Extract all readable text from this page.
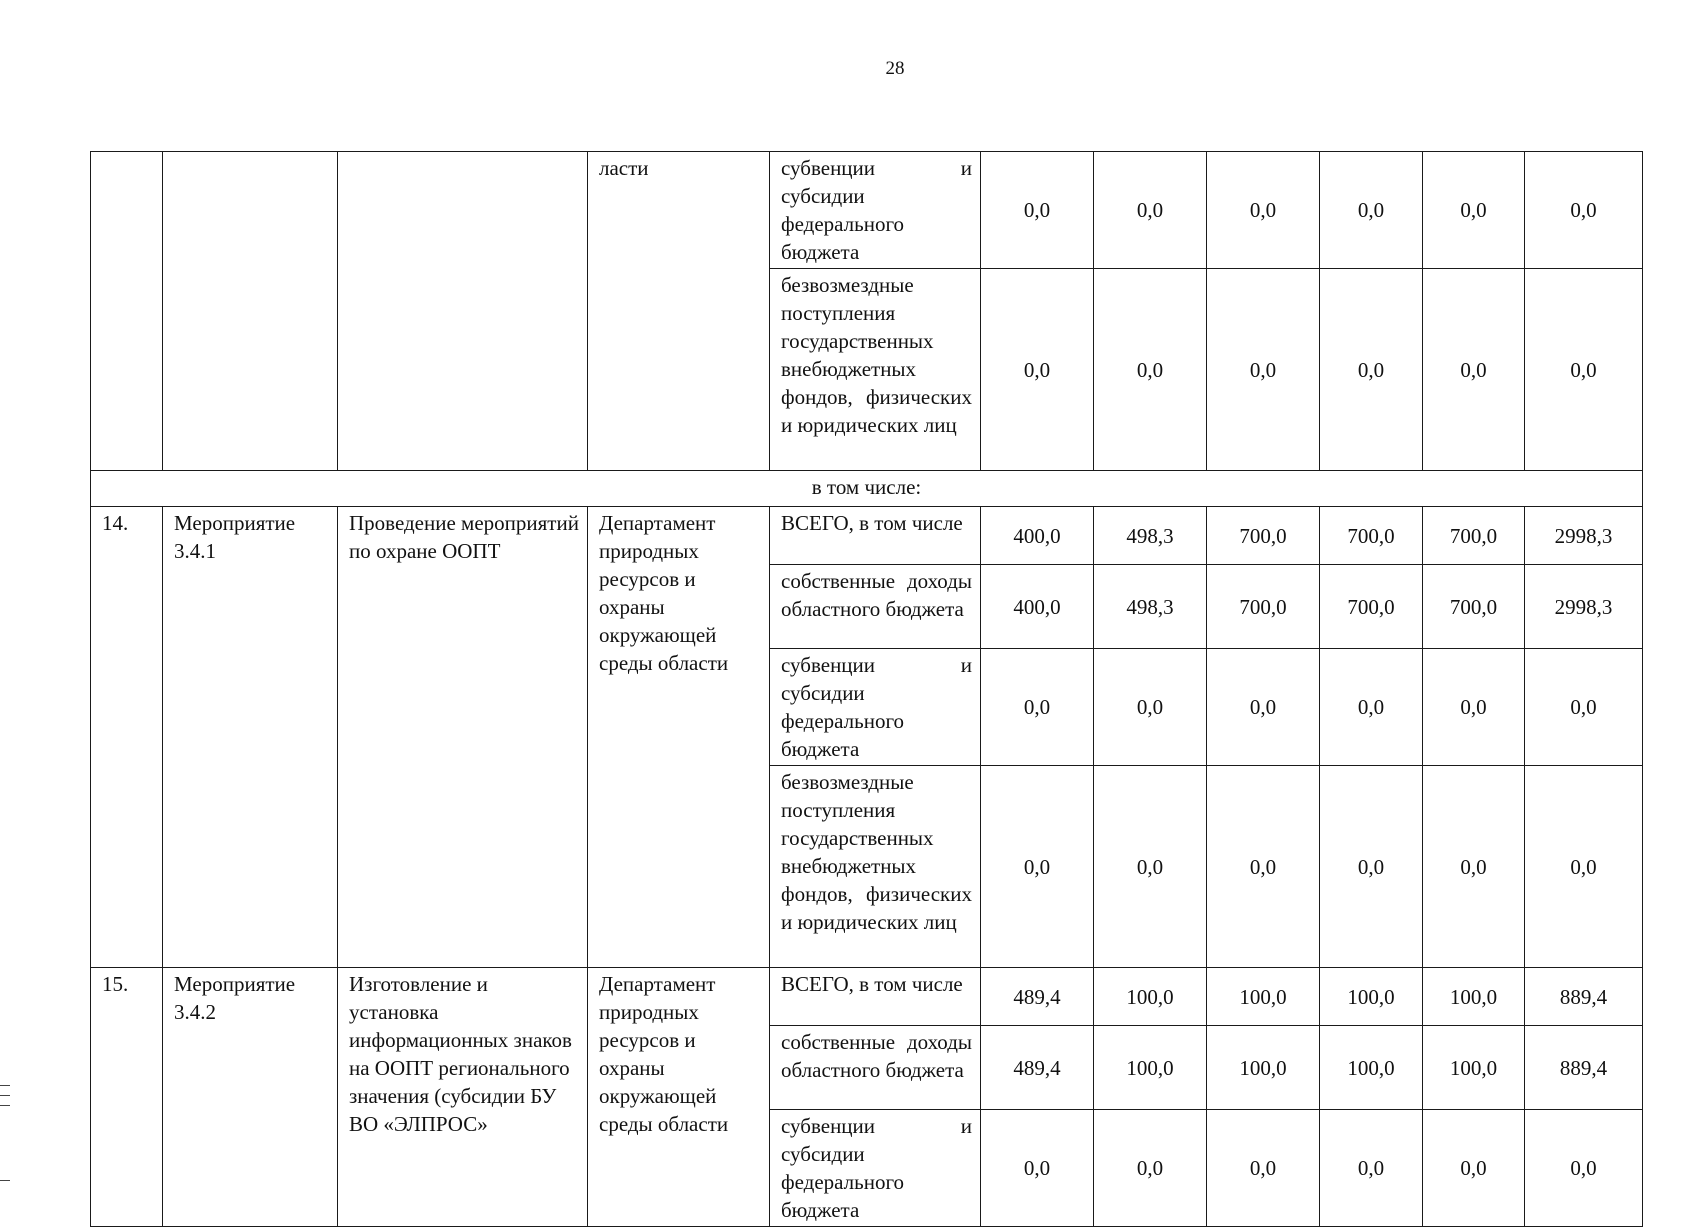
28
			ласти	субвенции и субсидии федерального бюджета	0,0	0,0	0,0	0,0	0,0	0,0
				безвозмездные поступления государственных внебюджетных фондов, физических и юридических лиц	0,0	0,0	0,0	0,0	0,0	0,0
в том числе:										
14.	Мероприятие 3.4.1	Проведение мероприятий по охране ООПТ	Департамент природных ресурсов и охраны окружающей среды области	ВСЕГО, в том числе	400,0	498,3	700,0	700,0	700,0	2998,3
				собственные доходы областного бюджета	400,0	498,3	700,0	700,0	700,0	2998,3
				субвенции и субсидии федерального бюджета	0,0	0,0	0,0	0,0	0,0	0,0
				безвозмездные поступления государственных внебюджетных фондов, физических и юридических лиц	0,0	0,0	0,0	0,0	0,0	0,0
15.	Мероприятие 3.4.2	Изготовление и установка информационных знаков на ООПТ регионального значения (субсидии БУ ВО «ЭЛПРОС»	Департамент природных ресурсов и охраны окружающей среды области	ВСЕГО, в том числе	489,4	100,0	100,0	100,0	100,0	889,4
				собственные доходы областного бюджета	489,4	100,0	100,0	100,0	100,0	889,4
				субвенции и субсидии федерального бюджета	0,0	0,0	0,0	0,0	0,0	0,0
